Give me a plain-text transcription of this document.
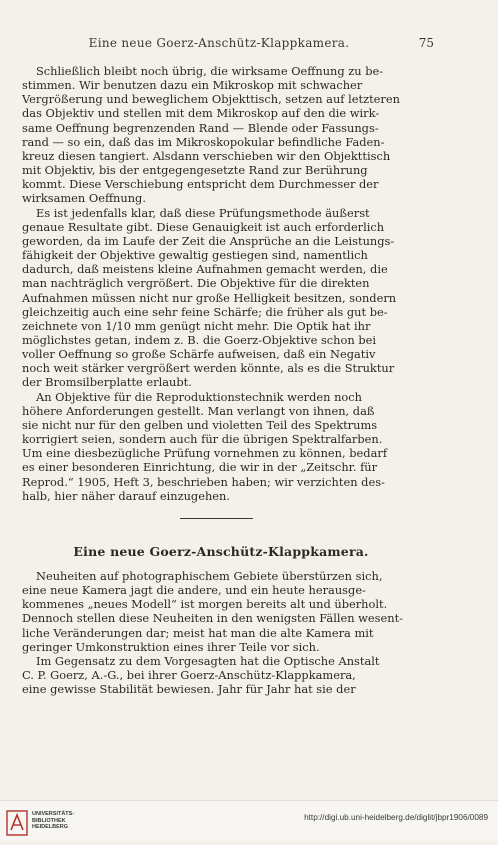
Eine neue Goerz-Anschütz-Klappkamera.	75

Schließlich bleibt noch übrig, die wirksame Oeffnung zu be-
stimmen. Wir benutzen dazu ein Mikroskop mit schwacher
Vergrößerung und beweglichem Objekttisch, setzen auf letzteren
das Objektiv und stellen mit dem Mikroskop auf den die wirk-
same Oeffnung begrenzenden Rand — Blende oder Fassungs-
rand — so ein, daß das im Mikroskopokular befindliche Faden-
kreuz diesen tangiert. Alsdann verschieben wir den Objekttisch
mit Objektiv, bis der entgegengesetzte Rand zur Berührung
kommt. Diese Verschiebung entspricht dem Durchmesser der
wirksamen Oeffnung.

Es ist jedenfalls klar, daß diese Prüfungsmethode äußerst
genaue Resultate gibt. Diese Genauigkeit ist auch erforderlich
geworden, da im Laufe der Zeit die Ansprüche an die Leistungs-
fähigkeit der Objektive gewaltig gestiegen sind, namentlich
dadurch, daß meistens kleine Aufnahmen gemacht werden, die
man nachträglich vergrößert. Die Objektive für die direkten
Aufnahmen müssen nicht nur große Helligkeit besitzen, sondern
gleichzeitig auch eine sehr feine Schärfe; die früher als gut be-
zeichnete von 1/10 mm genügt nicht mehr. Die Optik hat ihr
möglichstes getan, indem z. B. die Goerz-Objektive schon bei
voller Oeffnung so große Schärfe aufweisen, daß ein Negativ
noch weit stärker vergrößert werden könnte, als es die Struktur
der Bromsilberplatte erlaubt.

An Objektive für die Reproduktionstechnik werden noch
höhere Anforderungen gestellt. Man verlangt von ihnen, daß
sie nicht nur für den gelben und violetten Teil des Spektrums
korrigiert seien, sondern auch für die übrigen Spektralfarben.
Um eine diesbezügliche Prüfung vornehmen zu können, bedarf
es einer besonderen Einrichtung, die wir in der „Zeitschr. für
Reprod.“ 1905, Heft 3, beschrieben haben; wir verzichten des-
halb, hier näher darauf einzugehen.

Eine neue Goerz-Anschütz-Klappkamera.

Neuheiten auf photographischem Gebiete überstürzen sich,
eine neue Kamera jagt die andere, und ein heute herausge-
kommenes „neues Modell“ ist morgen bereits alt und überholt.
Dennoch stellen diese Neuheiten in den wenigsten Fällen wesent-
liche Veränderungen dar; meist hat man die alte Kamera mit
geringer Umkonstruktion eines ihrer Teile vor sich.

Im Gegensatz zu dem Vorgesagten hat die Optische Anstalt
C. P. Goerz, A.-G., bei ihrer Goerz-Anschütz-Klappkamera,
eine gewisse Stabilität bewiesen. Jahr für Jahr hat sie der

UNIVERSITÄTS-
BIBLIOTHEK
HEIDELBERG
http://digi.ub.uni-heidelberg.de/diglit/jbpr1906/0089
